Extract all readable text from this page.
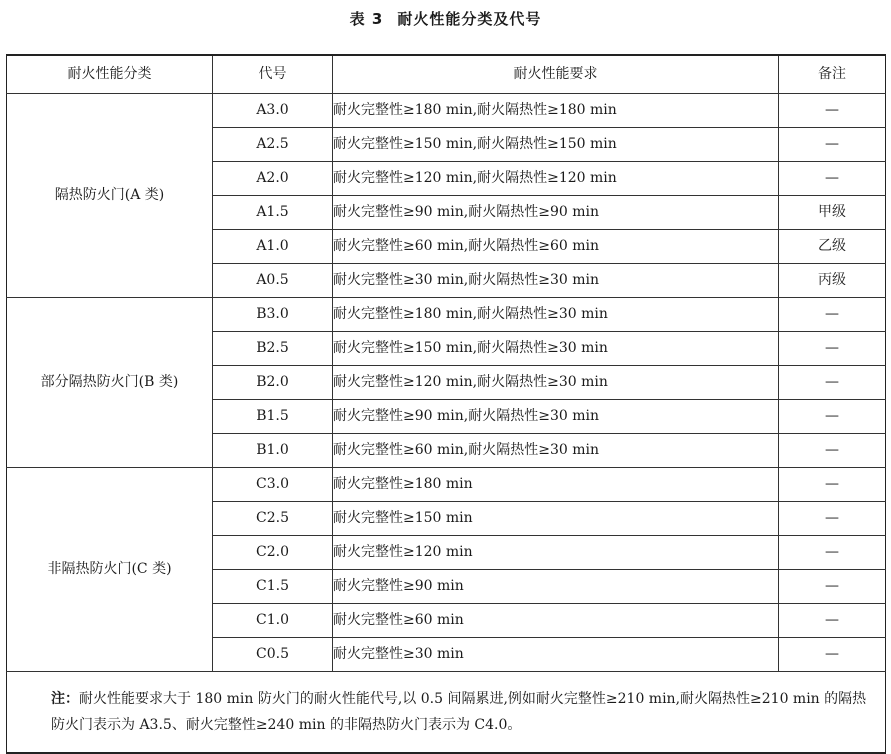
表 3 耐火性能分类及代号
耐火性能分类	代号	耐火性能要求	备注
隔热防火门(A 类)	A3.0	耐火完整性≥180 min,耐火隔热性≥180 min	—
	A2.5	耐火完整性≥150 min,耐火隔热性≥150 min	—
	A2.0	耐火完整性≥120 min,耐火隔热性≥120 min	—
	A1.5	耐火完整性≥90 min,耐火隔热性≥90 min	甲级
	A1.0	耐火完整性≥60 min,耐火隔热性≥60 min	乙级
	A0.5	耐火完整性≥30 min,耐火隔热性≥30 min	丙级
部分隔热防火门(B 类)	B3.0	耐火完整性≥180 min,耐火隔热性≥30 min	—
	B2.5	耐火完整性≥150 min,耐火隔热性≥30 min	—
	B2.0	耐火完整性≥120 min,耐火隔热性≥30 min	—
	B1.5	耐火完整性≥90 min,耐火隔热性≥30 min	—
	B1.0	耐火完整性≥60 min,耐火隔热性≥30 min	—
非隔热防火门(C 类)	C3.0	耐火完整性≥180 min	—
	C2.5	耐火完整性≥150 min	—
	C2.0	耐火完整性≥120 min	—
	C1.5	耐火完整性≥90 min	—
	C1.0	耐火完整性≥60 min	—
	C0.5	耐火完整性≥30 min	—
注：耐火性能要求大于 180 min 防火门的耐火性能代号,以 0.5 间隔累进,例如耐火完整性≥210 min,耐火隔热性≥210 min 的隔热防火门表示为 A3.5、耐火完整性≥240 min 的非隔热防火门表示为 C4.0。			
